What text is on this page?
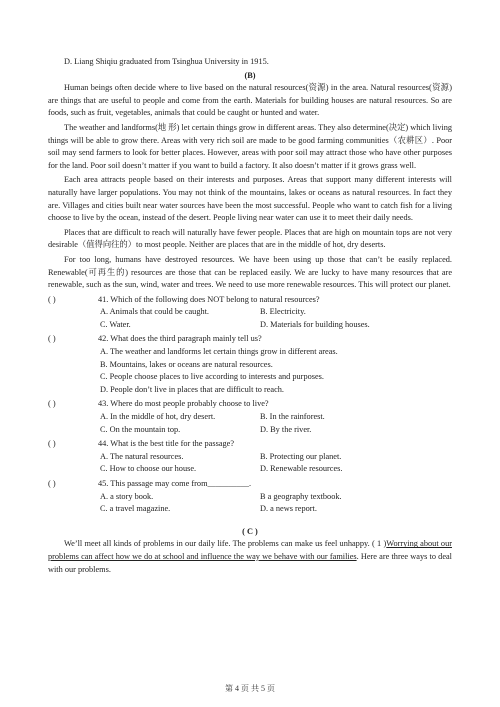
D. Liang Shiqiu graduated from Tsinghua University in 1915.

(B)

Human beings often decide where to live based on the natural resources(资源) in the area. Natural resources(资源) are things that are useful to people and come from the earth. Materials for building houses are natural resources. So are foods, such as fruit, vegetables, animals that could be caught or hunted and water.

The weather and landforms(地 形) let certain things grow in different areas. They also determine(决定) which living things will be able to grow there. Areas with very rich soil are made to be good farming communities（农耕区）. Poor soil may send farmers to look for better places. However, areas with poor soil may attract those who have other purposes for the land. Poor soil doesn’t matter if you want to build a factory. It also doesn’t matter if it grows grass well.

Each area attracts people based on their interests and purposes. Areas that support many different interests will naturally have larger populations. You may not think of the mountains, lakes or oceans as natural resources. In fact they are. Villages and cities built near water sources have been the most successful. People who want to catch fish for a living choose to live by the ocean, instead of the desert. People living near water can use it to meet their daily needs.

Places that are difficult to reach will naturally have fewer people. Places that are high on mountain tops are not very desirable（值得向往的）to most people. Neither are places that are in the middle of hot, dry deserts.

For too long, humans have destroyed resources. We have been using up those that can’t be easily replaced. Renewable(可再生的) resources are those that can be replaced easily. We are lucky to have many resources that are renewable, such as the sun, wind, water and trees. We need to use more renewable resources. This will protect our planet.

( )	41. Which of the following does NOT belong to natural resources?

A. Animals that could be caught.	B. Electricity.

C. Water.	D. Materials for building houses.

( )	42. What does the third paragraph mainly tell us?

A. The weather and landforms let certain things grow in different areas.

B. Mountains, lakes or oceans are natural resources.

C. People choose places to live according to interests and purposes.

D. People don’t live in places that are difficult to reach.

( )	43. Where do most people probably choose to live?

A. In the middle of hot, dry desert.	B. In the rainforest.

C. On the mountain top.	D. By the river.

( )	44. What is the best title for the passage?

A. The natural resources.	B. Protecting our planet.

C. How to choose our house.	D. Renewable resources.

( )	45. This passage may come from__________.

A. a story book.	B a geography textbook.

C. a travel magazine.	D. a news report.

( C )

We’ll meet all kinds of problems in our daily life. The problems can make us feel unhappy. ( 1 )Worrying about our problems can affect how we do at school and influence the way we behave with our families. Here are three ways to deal with our problems.

第 4 页 共 5 页
